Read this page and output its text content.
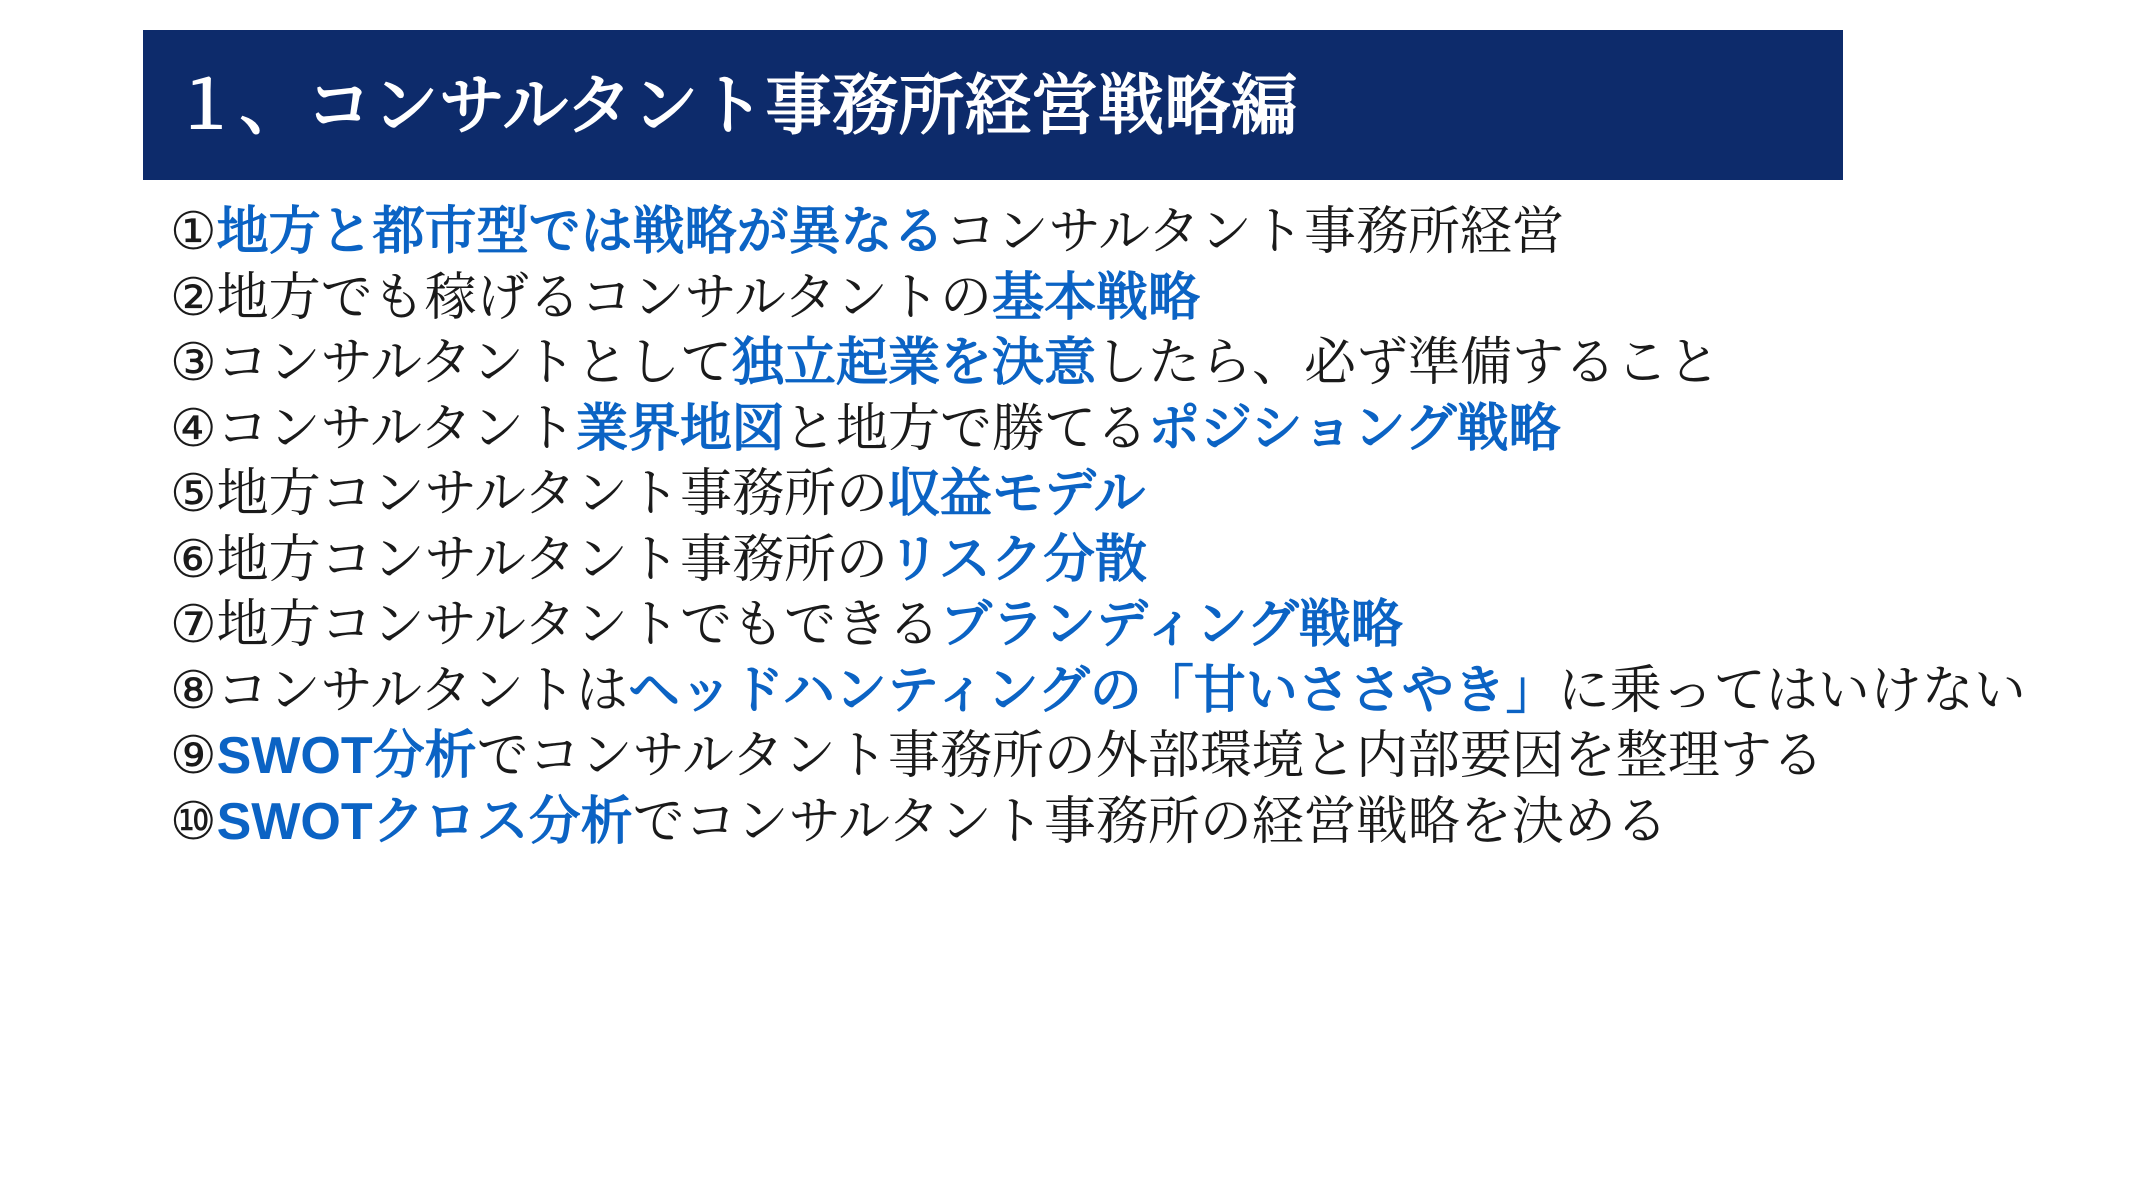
１、コンサルタント事務所経営戦略編
①地方と都市型では戦略が異なるコンサルタント事務所経営
②地方でも稼げるコンサルタントの基本戦略
③コンサルタントとして独立起業を決意したら、必ず準備すること
④コンサルタント業界地図と地方で勝てるポジショング戦略
⑤地方コンサルタント事務所の収益モデル
⑥地方コンサルタント事務所のリスク分散
⑦地方コンサルタントでもできるブランディング戦略
⑧コンサルタントはヘッドハンティングの「甘いささやき」に乗ってはいけない
⑨SWOT分析でコンサルタント事務所の外部環境と内部要因を整理する
⑩SWOTクロス分析でコンサルタント事務所の経営戦略を決める
